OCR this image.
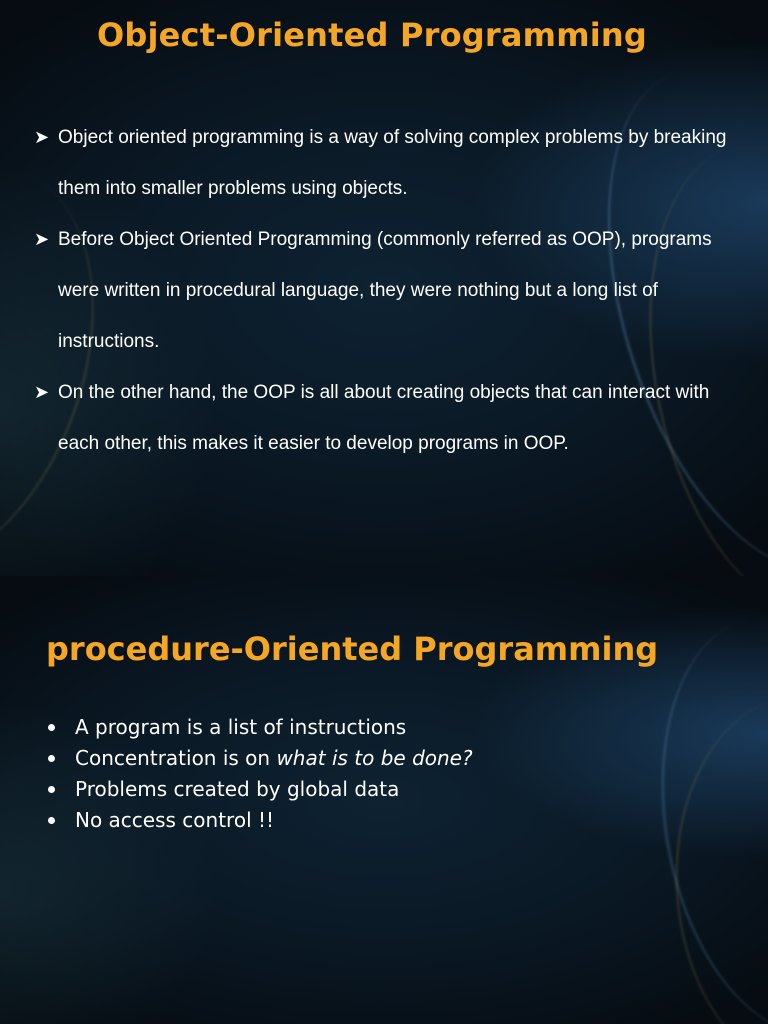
Object-Oriented Programming
➤ Object oriented programming is a way of solving complex problems by breaking them into smaller problems using objects.
➤ Before Object Oriented Programming (commonly referred as OOP), programs were written in procedural language, they were nothing but a long list of instructions.
➤ On the other hand, the OOP is all about creating objects that can interact with each other, this makes it easier to develop programs in OOP.
procedure-Oriented Programming
A program is a list of instructions
Concentration is on what is to be done?
Problems created by global data
No access control !!
